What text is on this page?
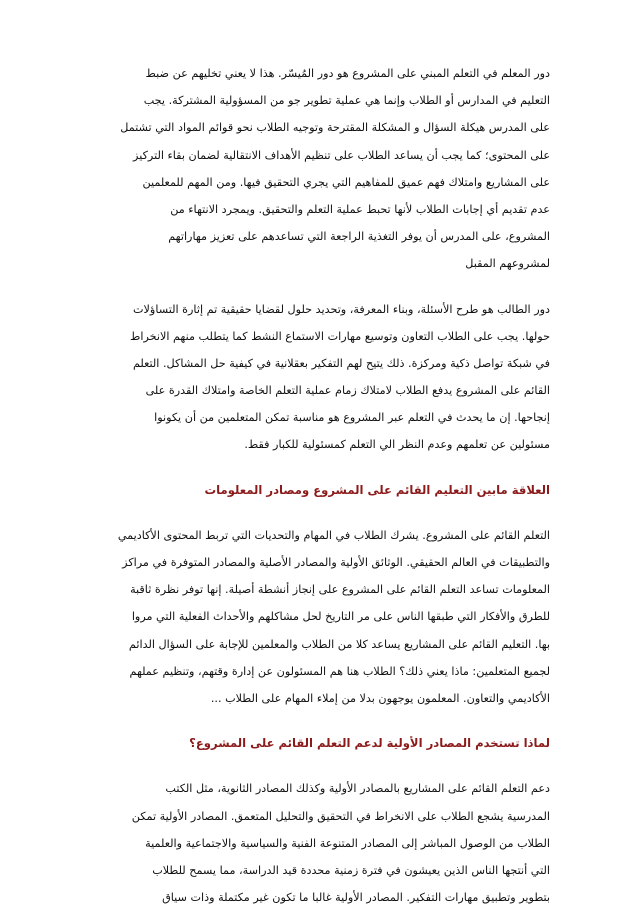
دور المعلم في التعلم المبني على المشروع هو دور المُيسّر. هذا لا يعني تخليهم عن ضبط

التعليم في المدارس أو الطلاب وإنما هي عملية تطوير جو من المسؤولية المشتركة. يجب

على المدرس هيكلة السؤال و المشكلة المقترحة وتوجيه الطلاب نحو قوائم المواد التي تشتمل

على المحتوى؛ كما يجب أن يساعد الطلاب على تنظيم الأهداف الانتقالية لضمان بقاء التركيز

على المشاريع وامتلاك فهم عميق للمفاهيم التي يجري التحقيق فيها. ومن المهم للمعلمين

عدم تقديم أي إجابات الطلاب لأنها تحبط عملية التعلم والتحقيق. ويمجرد الانتهاء من

المشروع، على المدرس أن يوفر التغذية الراجعة التي تساعدهم على تعزيز مهاراتهم

لمشروعهم المقبل

دور الطالب هو طرح الأسئلة، وبناء المعرفة، وتحديد حلول لقضايا حقيقية تم إثارة التساؤلات

حولها. يجب على الطلاب التعاون وتوسيع مهارات الاستماع النشط كما يتطلب منهم الانخراط

في شبكة تواصل ذكية ومركزة. ذلك يتيح لهم التفكير بعقلانية في كيفية حل المشاكل. التعلم

القائم على المشروع يدفع الطلاب لامتلاك زمام عملية التعلم الخاصة وامتلاك القدرة على

إنجاحها. إن ما يحدث في التعلم عبر المشروع هو مناسبة تمكن المتعلمين من أن يكونوا

مسئولين عن تعلمهم وعدم النظر الي التعلم كمسئولية للكبار فقط.

العلاقة مابين التعليم القائم على المشروع ومصادر المعلومات

التعلم القائم على المشروع. يشرك الطلاب في المهام والتحديات التي تربط المحتوى الأكاديمي

والتطبيقات في العالم الحقيقي. الوثائق الأولية والمصادر الأصلية والمصادر المتوفرة في مراكز

المعلومات تساعد التعلم القائم على المشروع على إنجاز أنشطة أصيلة. إنها توفر نظرة ثاقبة

للطرق والأفكار التي طبقها الناس على مر التاريخ لحل مشاكلهم والأحداث الفعلية التي مروا

بها. التعليم القائم على المشاريع يساعد كلا من الطلاب والمعلمين للإجابة على السؤال الدائم

لجميع المتعلمين: ماذا يعني ذلك؟ الطلاب هنا هم المسئولون عن إدارة وقتهم، وتنظيم عملهم

الأكاديمي والتعاون. المعلمون يوجهون بدلا من إملاء المهام على الطلاب ...

لماذا تستخدم المصادر الأولية لدعم التعلم القائم على المشروع؟

دعم التعلم القائم على المشاريع بالمصادر الأولية وكذلك المصادر الثانوية، مثل الكتب

المدرسية يشجع الطلاب على الانخراط في التحقيق والتحليل المتعمق. المصادر الأولية تمكن

الطلاب من الوصول المباشر إلى المصادر المتنوعة الفنية والسياسية والاجتماعية والعلمية

التي أنتجها الناس الذين يعيشون في فترة زمنية محددة قيد الدراسة، مما يسمح للطلاب

بتطوير وتطبيق مهارات التفكير. المصادر الأولية غالبا ما تكون غير مكتملة وذات سياق
